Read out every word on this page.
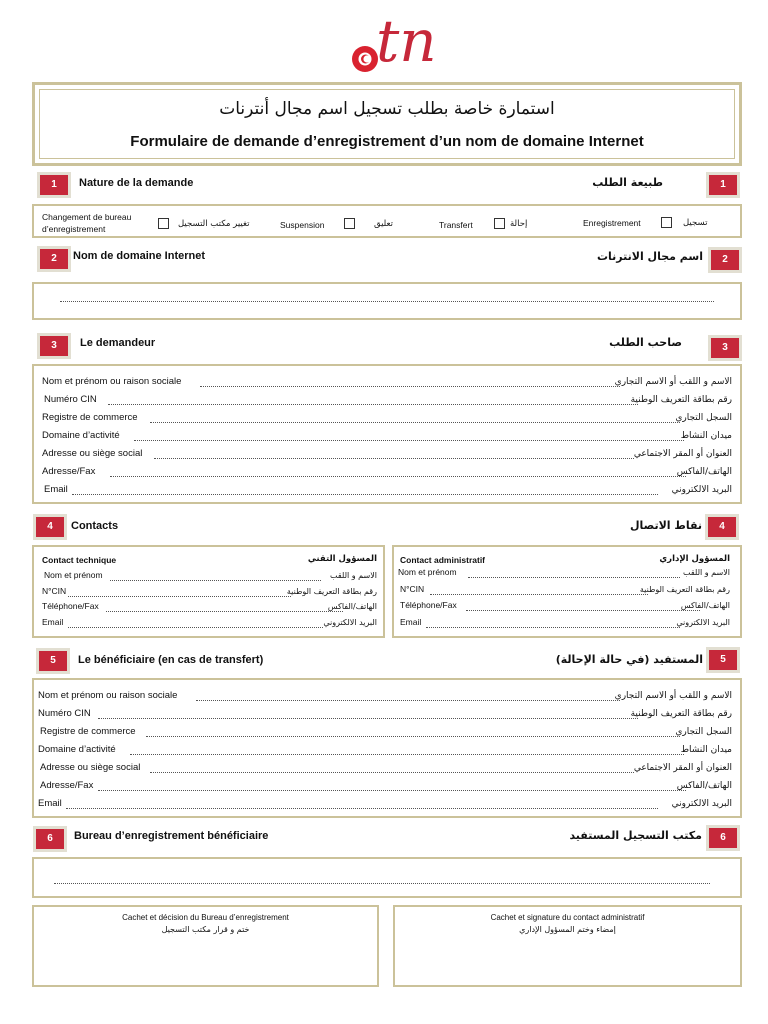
tn
استمارة خاصة بطلب تسجيل اسم مجال أنترنات
Formulaire de demande d’enregistrement d’un nom de domaine Internet
1	Nature de la demande	طبيعة الطلب	1
Changement de bureau
d’enregistrement	تغيير مكتب التسجيل	Suspension	تعليق	Transfert	إحالة	Enregistrement	تسجيل
2	Nom de domaine Internet	اسم مجال الانترنات	2
3	Le demandeur	صاحب الطلب	3
Nom et prénom ou raison sociale	الاسم و اللقب أو الاسم التجاري
Numéro CIN	رقم بطاقة التعريف الوطنية
Registre de commerce	السجل التجاري
Domaine d’activité	ميدان النشاط
Adresse ou siège social	العنوان أو المقر الاجتماعي
Adresse/Fax	الهاتف/الفاكس
Email	البريد الالكتروني
4	Contacts	نقاط الاتصال	4
Contact technique	المسؤول التقني
Nom et prénom	الاسم و اللقب
N°CIN	رقم بطاقة التعريف الوطنية
Téléphone/Fax	الهاتف/الفاكس
Email	البريد الالكتروني
Contact administratif	المسؤول الإداري
Nom et prénom	الاسم و اللقب
N°CIN	رقم بطاقة التعريف الوطنية
Téléphone/Fax	الهاتف/الفاكس
Email	البريد الالكتروني
5	Le bénéficiaire (en cas de transfert)	المستفيد (في حالة الإحالة)	5
Nom et prénom ou raison sociale	الاسم و اللقب أو الاسم التجاري
Numéro CIN	رقم بطاقة التعريف الوطنية
Registre de commerce	السجل التجاري
Domaine d’activité	ميدان النشاط
Adresse ou siège social	العنوان أو المقر الاجتماعي
Adresse/Fax	الهاتف/الفاكس
Email	البريد الالكتروني
6	Bureau d’enregistrement bénéficiaire	مكتب التسجيل المستفيد	6
Cachet et décision du Bureau d’enregistrement
ختم و قرار مكتب التسجيل
Cachet et signature du contact administratif
إمضاء وختم المسؤول الإداري
